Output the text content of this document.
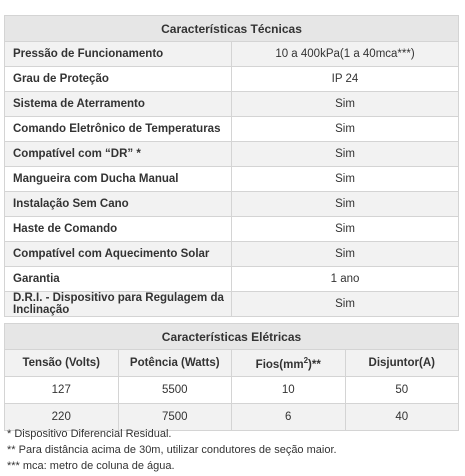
Características Técnicas	
Pressão de Funcionamento	10 a 400kPa(1 a 40mca***)
Grau de Proteção	IP 24
Sistema de Aterramento	Sim
Comando Eletrônico de Temperaturas	Sim
Compatível com “DR” *	Sim
Mangueira com Ducha Manual	Sim
Instalação Sem Cano	Sim
Haste de Comando	Sim
Compatível com Aquecimento Solar	Sim
Garantia	1 ano
D.R.I. - Dispositivo para Regulagem da Inclinação	Sim
Características Elétricas			
Tensão (Volts)	Potência (Watts)	$Fios(mm^2)**$	Disjuntor(A)
127	5500	10	50
220	7500	6	40
* Dispositivo Diferencial Residual.
** Para distância acima de 30m, utilizar condutores de seção maior.
*** mca: metro de coluna de água.
